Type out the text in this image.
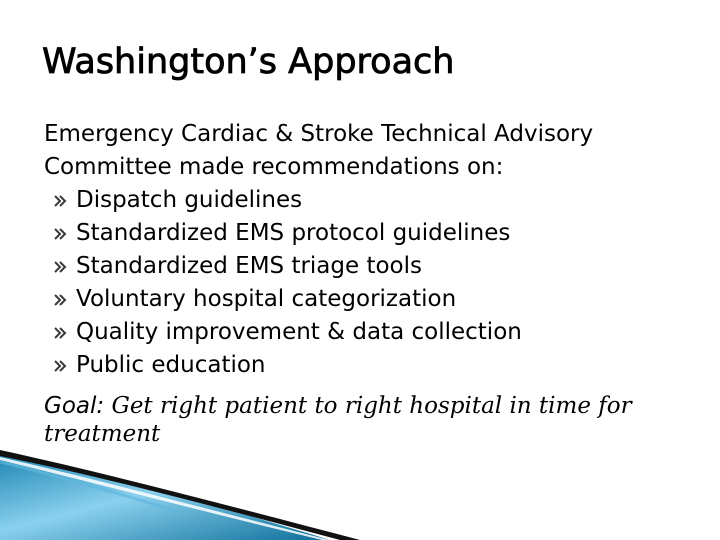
Washington’s Approach

Emergency Cardiac & Stroke Technical Advisory

Committee made recommendations on:

Dispatch guidelines
Standardized EMS protocol guidelines
Standardized EMS triage tools
Voluntary hospital categorization
Quality improvement & data collection
Public education

Goal: Get right patient to right hospital in time for treatment
